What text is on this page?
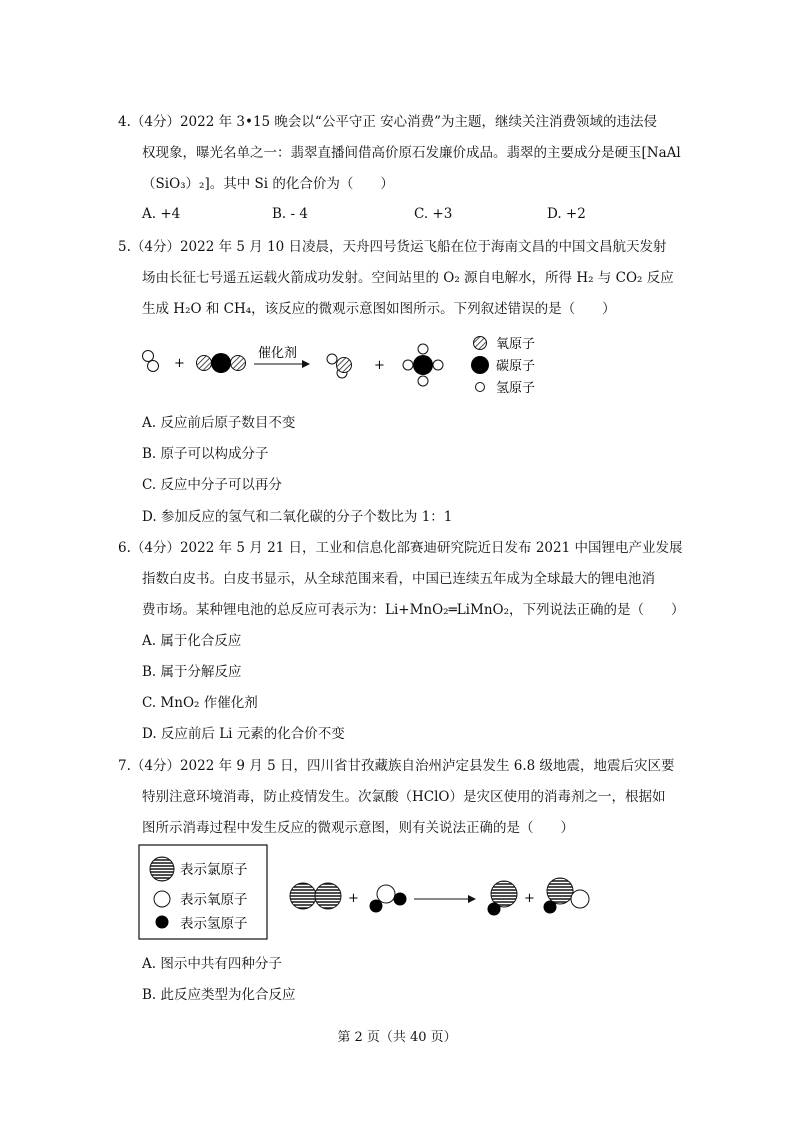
4.（4分）2022 年 3•15 晚会以“公平守正 安心消费”为主题，继续关注消费领域的违法侵
权现象，曝光名单之一：翡翠直播间借高价原石发廉价成品。翡翠的主要成分是硬玉[NaAl
（SiO₃）₂]。其中 Si 的化合价为（　　）
A. +4	B. - 4	C. +3	D. +2
5.（4分）2022 年 5 月 10 日凌晨，天舟四号货运飞船在位于海南文昌的中国文昌航天发射
场由长征七号遥五运载火箭成功发射。空间站里的 O₂ 源自电解水，所得 H₂ 与 CO₂ 反应
生成 H₂O 和 CH₄，该反应的微观示意图如图所示。下列叙述错误的是（　　）
+
催化剂
+
氧原子
碳原子
氢原子
A. 反应前后原子数目不变
B. 原子可以构成分子
C. 反应中分子可以再分
D. 参加反应的氢气和二氧化碳的分子个数比为 1：1
6.（4分）2022 年 5 月 21 日，工业和信息化部赛迪研究院近日发布 2021 中国锂电产业发展
指数白皮书。白皮书显示，从全球范围来看，中国已连续五年成为全球最大的锂电池消
费市场。某种锂电池的总反应可表示为：Li+MnO₂═LiMnO₂，下列说法正确的是（　　）
A. 属于化合反应
B. 属于分解反应
C. MnO₂ 作催化剂
D. 反应前后 Li 元素的化合价不变
7.（4分）2022 年 9 月 5 日，四川省甘孜藏族自治州泸定县发生 6.8 级地震，地震后灾区要
特别注意环境消毒，防止疫情发生。次氯酸（HClO）是灾区使用的消毒剂之一，根据如
图所示消毒过程中发生反应的微观示意图，则有关说法正确的是（　　）
表示氯原子
表示氧原子
表示氢原子
+	+
A. 图示中共有四种分子
B. 此反应类型为化合反应
第 2 页（共 40 页）
